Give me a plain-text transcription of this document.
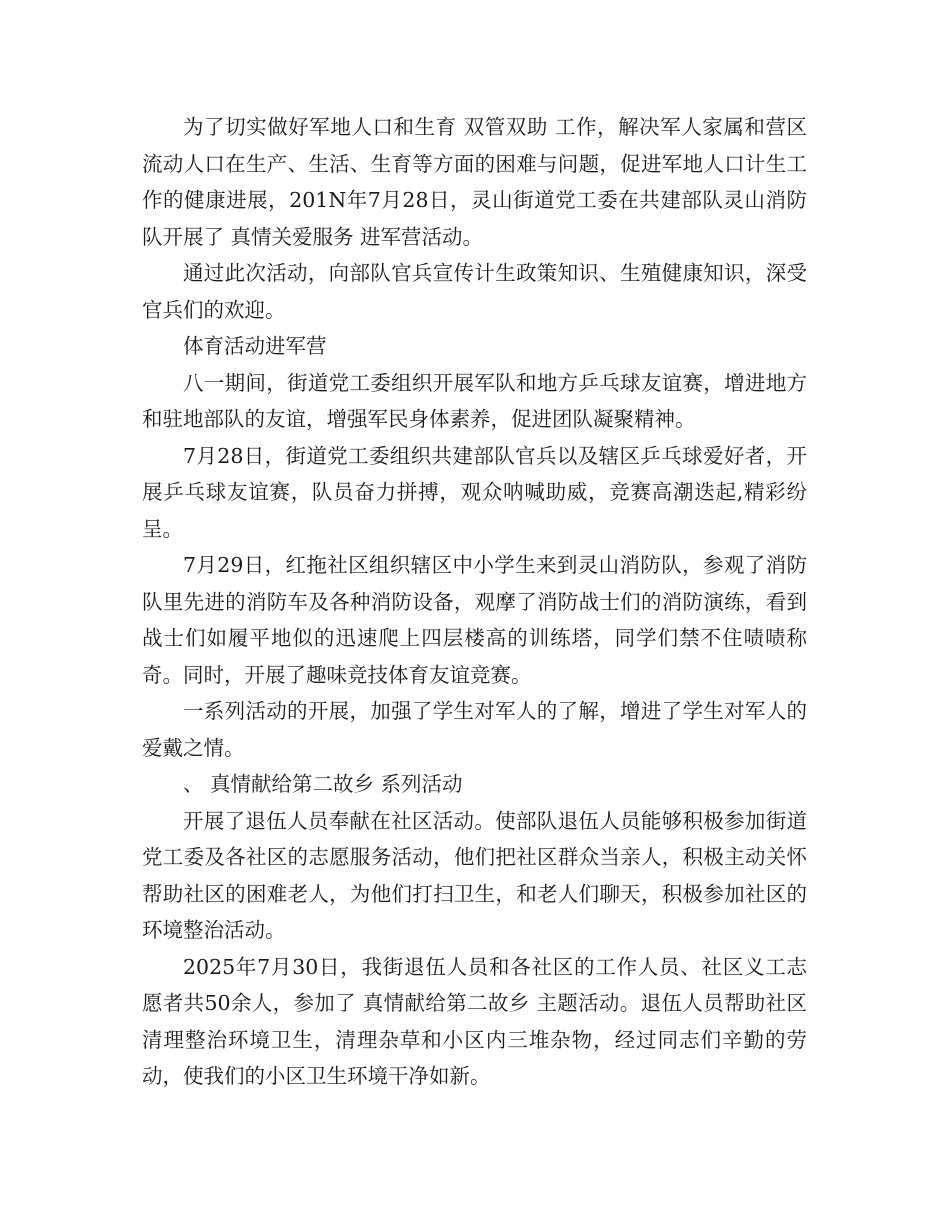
为了切实做好军地人口和生育 双管双助 工作，解决军人家属和营区流动人口在生产、生活、生育等方面的困难与问题，促进军地人口计生工作的健康进展，201N年7月28日，灵山街道党工委在共建部队灵山消防队开展了 真情关爱服务 进军营活动。

通过此次活动，向部队官兵宣传计生政策知识、生殖健康知识，深受官兵们的欢迎。

体育活动进军营

八一期间，街道党工委组织开展军队和地方乒乓球友谊赛，增进地方和驻地部队的友谊，增强军民身体素养，促进团队凝聚精神。

7月28日，街道党工委组织共建部队官兵以及辖区乒乓球爱好者，开展乒乓球友谊赛，队员奋力拼搏，观众呐喊助威，竞赛高潮迭起,精彩纷呈。

7月29日，红拖社区组织辖区中小学生来到灵山消防队，参观了消防队里先进的消防车及各种消防设备，观摩了消防战士们的消防演练，看到战士们如履平地似的迅速爬上四层楼高的训练塔，同学们禁不住啧啧称奇。同时，开展了趣味竞技体育友谊竞赛。

一系列活动的开展，加强了学生对军人的了解，增进了学生对军人的爱戴之情。

、 真情献给第二故乡 系列活动

开展了退伍人员奉献在社区活动。使部队退伍人员能够积极参加街道党工委及各社区的志愿服务活动，他们把社区群众当亲人，积极主动关怀帮助社区的困难老人，为他们打扫卫生，和老人们聊天，积极参加社区的环境整治活动。

2025年7月30日，我街退伍人员和各社区的工作人员、社区义工志愿者共50余人，参加了 真情献给第二故乡 主题活动。退伍人员帮助社区清理整治环境卫生，清理杂草和小区内三堆杂物，经过同志们辛勤的劳动，使我们的小区卫生环境干净如新。
